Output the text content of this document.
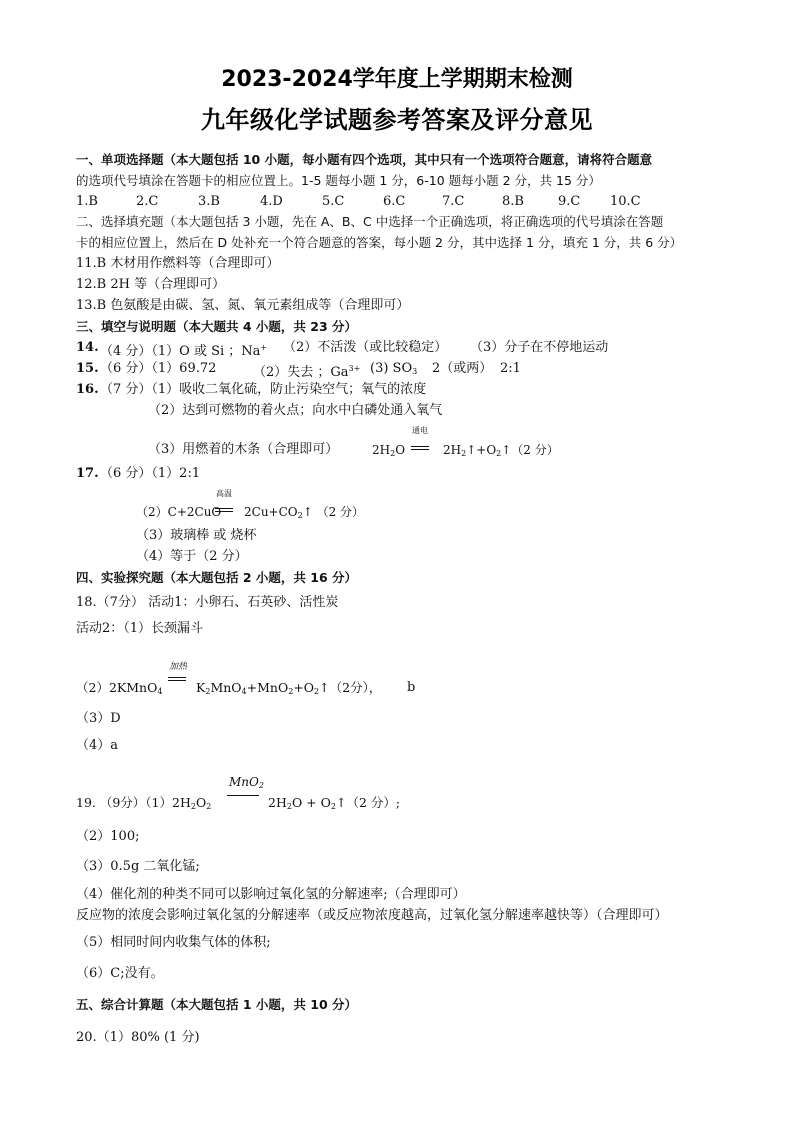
2023-2024学年度上学期期末检测
九年级化学试题参考答案及评分意见
一、单项选择题（本大题包括 10 小题，每小题有四个选项，其中只有一个选项符合题意，请将符合题意
的选项代号填涂在答题卡的相应位置上。1-5 题每小题 1 分，6-10 题每小题 2 分，共 15 分）
1.B	2.C	3.B	4.D	5.C	6.C	7.C	8.B	9.C 10.C
二、选择填充题（本大题包括 3 小题，先在 A、B、C 中选择一个正确选项，将正确选项的代号填涂在答题
卡的相应位置上，然后在 D 处补充一个符合题意的答案，每小题 2 分，其中选择 1 分，填充 1 分，共 6 分）
11.B 木材用作燃料等（合理即可）
12.B 2H 等（合理即可）
13.B 色氨酸是由碳、氢、氮、氧元素组成等（合理即可）
三、填空与说明题（本大题共 4 小题，共 23 分）
14. （4 分）（1）O 或 Si ；Na+ （2）不活泼（或比较稳定） （3）分子在不停地运动
15. （6 分）（1）69.72	（2）失去 ；$Ga^{3+}$ (3) $SO_3$ 2（或两） 2:1
16. （7 分）（1）吸收二氧化硫，防止污染空气；氧气的浓度
（2）达到可燃物的着火点；向水中白磷处通入氧气
（3）用燃着的木条（合理即可）	$2H_2O$
通电
$2H_2↑+O_2↑(2$ 分）
17. （6 分）（1）2:1
（2）C+2CuO
高温
$2Cu+CO_2↑$ （2 分）
（3）玻璃棒 或 烧杯
（4）等于（2 分）
四、实验探究题（本大题包括 2 小题，共 16 分）
18.（7分） 活动1：小卵石、石英砂、活性炭
活动2：（1）长颈漏斗
（2）2KMnO$_4$
加热
$K_2MnO_4+MnO_2+O_2↑(2$分）， b
（3）D
（4）a
MnO$_2$
19. （9分）$(1)2H_2O_2$	$2H_2O$ + $O_2↑(2$ 分）;
（2）100;
（3）0.5g 二氧化锰;
（4）催化剂的种类不同可以影响过氧化氢的分解速率;（合理即可）
反应物的浓度会影响过氧化氢的分解速率（或反应物浓度越高，过氧化氢分解速率越快等）（合理即可）
（5）相同时间内收集气体的体积;
（6）C;没有。
五、综合计算题（本大题包括 1 小题，共 10 分）
20.（1）80% (1 分)
